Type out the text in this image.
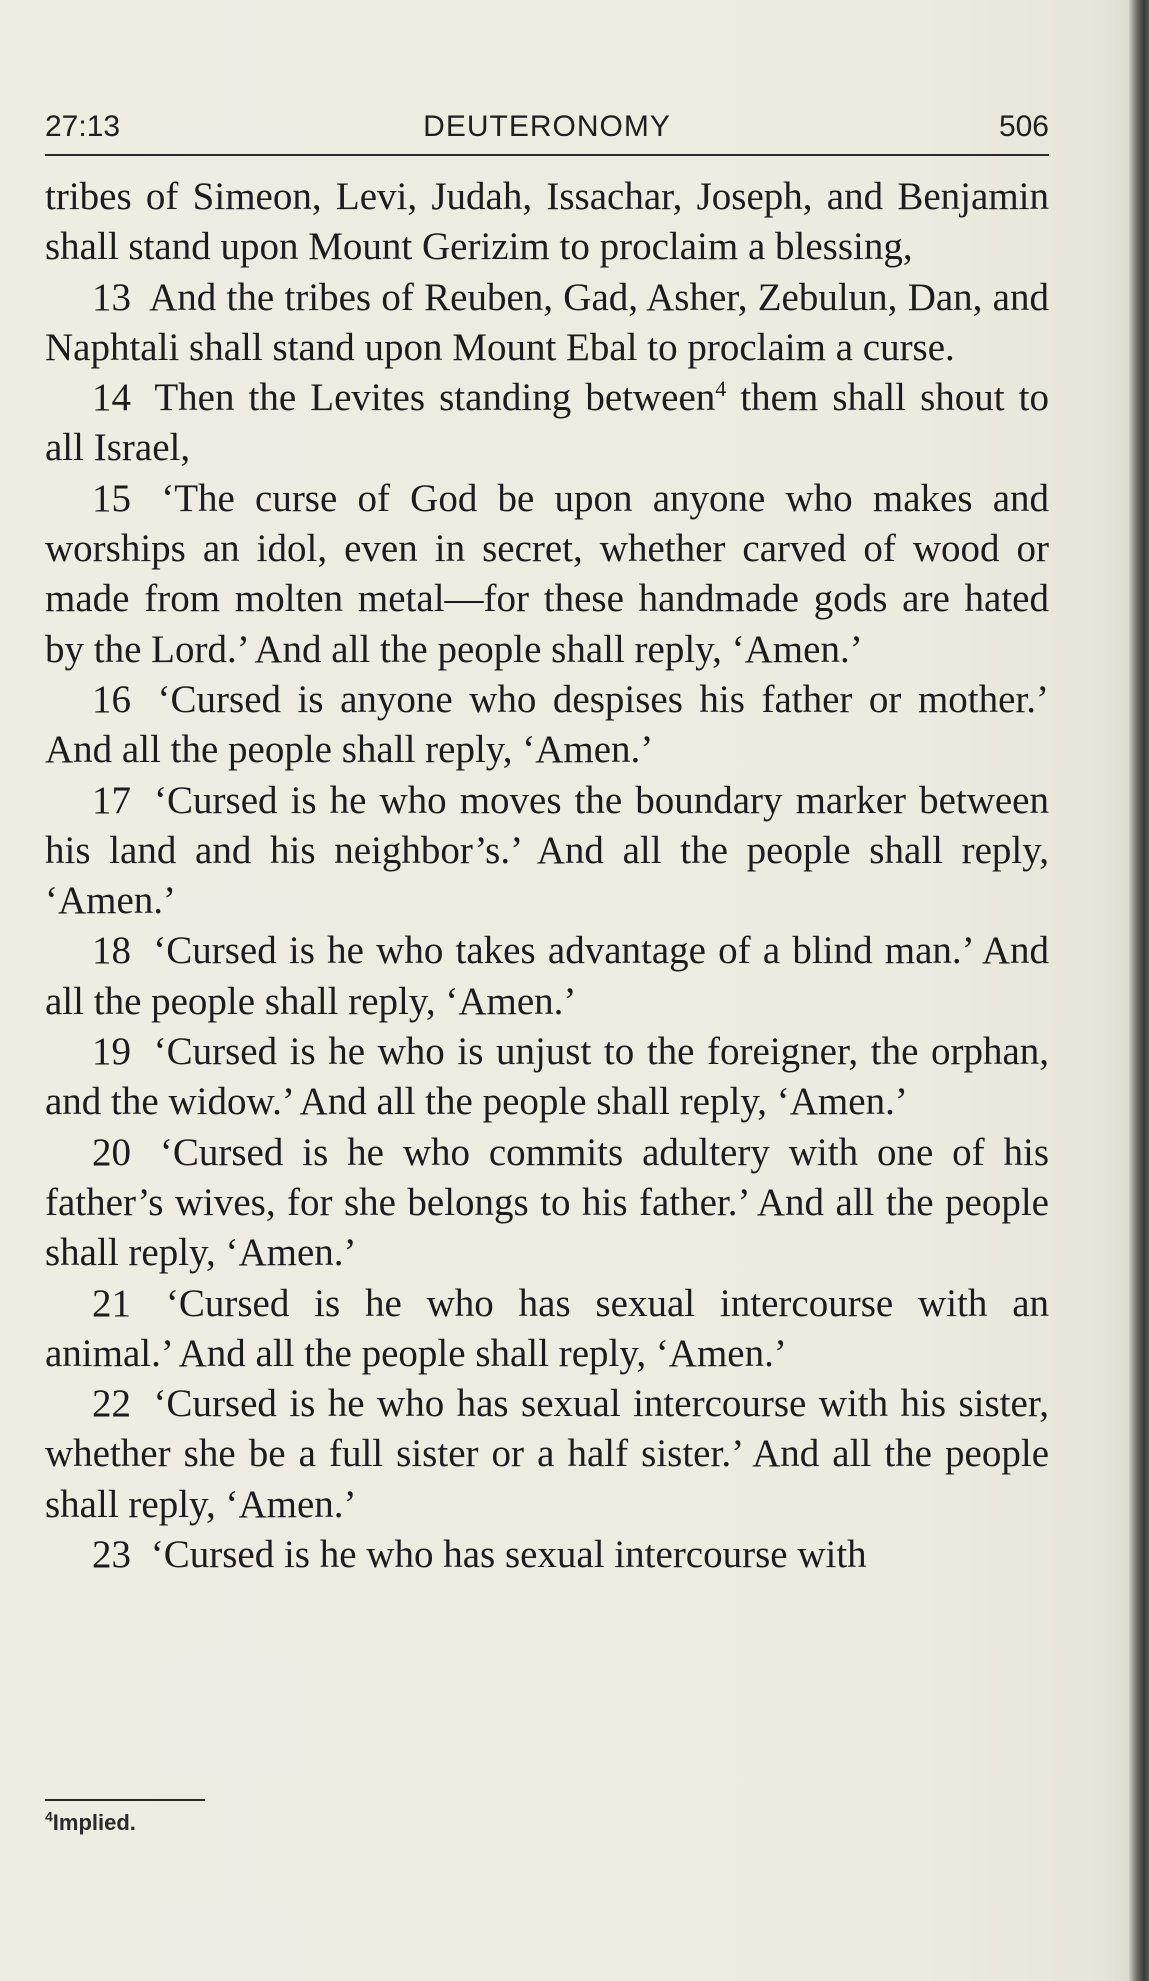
27:13	DEUTERONOMY	506

tribes of Simeon, Levi, Judah, Issachar, Joseph, and Benjamin shall stand upon Mount Gerizim to proclaim a blessing,

13 And the tribes of Reuben, Gad, Asher, Zebulun, Dan, and Naphtali shall stand upon Mount Ebal to proclaim a curse.

14 Then the Levites standing between$^4$ them shall shout to all Israel,

15 ‘The curse of God be upon anyone who makes and worships an idol, even in secret, whether carved of wood or made from molten metal—for these handmade gods are hated by the Lord.’ And all the people shall reply, ‘Amen.’

16 ‘Cursed is anyone who despises his father or mother.’ And all the people shall reply, ‘Amen.’

17 ‘Cursed is he who moves the boundary marker between his land and his neighbor’s.’ And all the people shall reply, ‘Amen.’

18 ‘Cursed is he who takes advantage of a blind man.’ And all the people shall reply, ‘Amen.’

19 ‘Cursed is he who is unjust to the foreigner, the orphan, and the widow.’ And all the people shall reply, ‘Amen.’

20 ‘Cursed is he who commits adultery with one of his father’s wives, for she belongs to his father.’ And all the people shall reply, ‘Amen.’

21 ‘Cursed is he who has sexual intercourse with an animal.’ And all the people shall reply, ‘Amen.’

22 ‘Cursed is he who has sexual intercourse with his sister, whether she be a full sister or a half sister.’ And all the people shall reply, ‘Amen.’

23 ‘Cursed is he who has sexual intercourse with

$^4$Implied.
